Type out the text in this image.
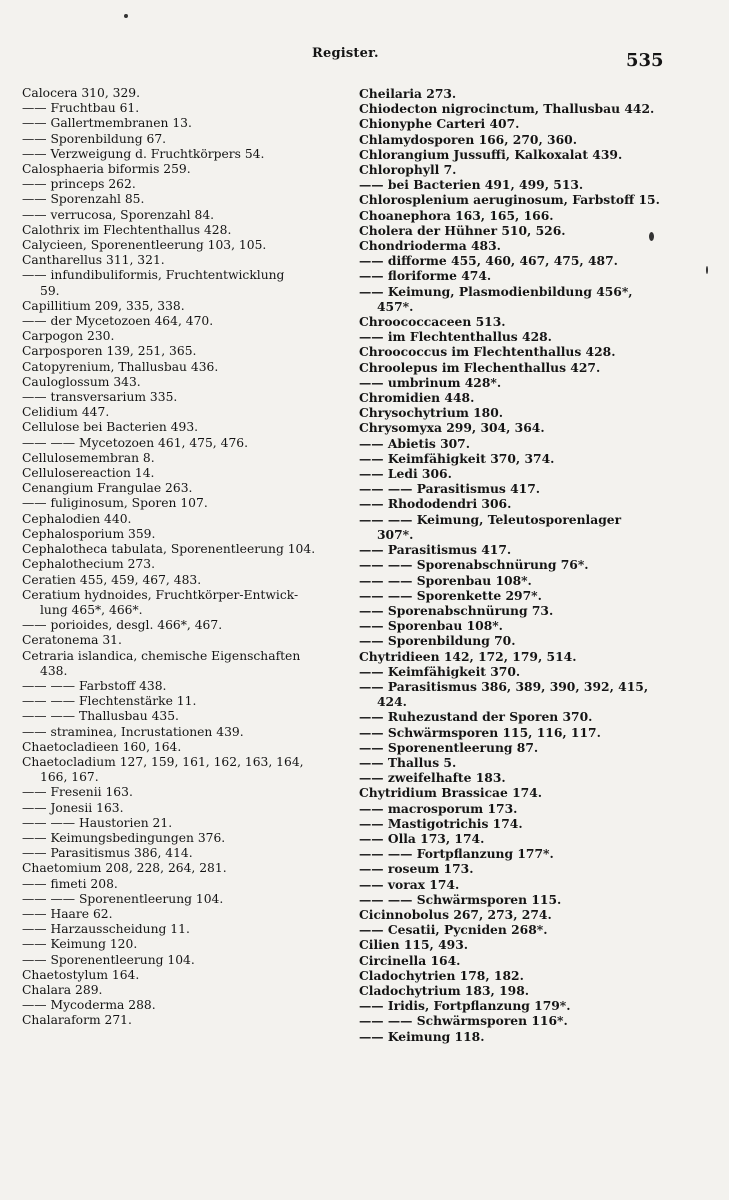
Register.	535
Calocera 310, 329.
—— Fruchtbau 61.
—— Gallertmembranen 13.
—— Sporenbildung 67.
—— Verzweigung d. Fruchtkörpers 54.
Calosphaeria biformis 259.
—— princeps 262.
—— Sporenzahl 85.
—— verrucosa, Sporenzahl 84.
Calothrix im Flechtenthallus 428.
Calycieen, Sporenentleerung 103, 105.
Cantharellus 311, 321.
—— infundibuliformis, Fruchtentwicklung
59.
Capillitium 209, 335, 338.
—— der Mycetozoen 464, 470.
Carpogon 230.
Carposporen 139, 251, 365.
Catopyrenium, Thallusbau 436.
Cauloglossum 343.
—— transversarium 335.
Celidium 447.
Cellulose bei Bacterien 493.
—— —— Mycetozoen 461, 475, 476.
Cellulosemembran 8.
Cellulosereaction 14.
Cenangium Frangulae 263.
—— fuliginosum, Sporen 107.
Cephalodien 440.
Cephalosporium 359.
Cephalotheca tabulata, Sporenentleerung 104.
Cephalothecium 273.
Ceratien 455, 459, 467, 483.
Ceratium hydnoides, Fruchtkörper-Entwick-
lung 465*, 466*.
—— porioides, desgl. 466*, 467.
Ceratonema 31.
Cetraria islandica, chemische Eigenschaften
438.
—— —— Farbstoff 438.
—— —— Flechtenstärke 11.
—— —— Thallusbau 435.
—— straminea, Incrustationen 439.
Chaetocladieen 160, 164.
Chaetocladium 127, 159, 161, 162, 163, 164,
166, 167.
—— Fresenii 163.
—— Jonesii 163.
—— —— Haustorien 21.
—— Keimungsbedingungen 376.
—— Parasitismus 386, 414.
Chaetomium 208, 228, 264, 281.
—— fimeti 208.
—— —— Sporenentleerung 104.
—— Haare 62.
—— Harzausscheidung 11.
—— Keimung 120.
—— Sporenentleerung 104.
Chaetostylum 164.
Chalara 289.
—— Mycoderma 288.
Chalaraform 271.
Cheilaria 273.
Chiodecton nigrocinctum, Thallusbau 442.
Chionyphe Carteri 407.
Chlamydosporen 166, 270, 360.
Chlorangium Jussuffi, Kalkoxalat 439.
Chlorophyll 7.
—— bei Bacterien 491, 499, 513.
Chlorosplenium aeruginosum, Farbstoff 15.
Choanephora 163, 165, 166.
Cholera der Hühner 510, 526.
Chondrioderma 483.
—— difforme 455, 460, 467, 475, 487.
—— floriforme 474.
—— Keimung, Plasmodienbildung 456*,
457*.
Chroococcaceen 513.
—— im Flechtenthallus 428.
Chroococcus im Flechtenthallus 428.
Chroolepus im Flechenthallus 427.
—— umbrinum 428*.
Chromidien 448.
Chrysochytrium 180.
Chrysomyxa 299, 304, 364.
—— Abietis 307.
—— Keimfähigkeit 370, 374.
—— Ledi 306.
—— —— Parasitismus 417.
—— Rhododendri 306.
—— —— Keimung, Teleutosporenlager
307*.
—— Parasitismus 417.
—— —— Sporenabschnürung 76*.
—— —— Sporenbau 108*.
—— —— Sporenkette 297*.
—— Sporenabschnürung 73.
—— Sporenbau 108*.
—— Sporenbildung 70.
Chytridieen 142, 172, 179, 514.
—— Keimfähigkeit 370.
—— Parasitismus 386, 389, 390, 392, 415,
424.
—— Ruhezustand der Sporen 370.
—— Schwärmsporen 115, 116, 117.
—— Sporenentleerung 87.
—— Thallus 5.
—— zweifelhafte 183.
Chytridium Brassicae 174.
—— macrosporum 173.
—— Mastigotrichis 174.
—— Olla 173, 174.
—— —— Fortpflanzung 177*.
—— roseum 173.
—— vorax 174.
—— —— Schwärmsporen 115.
Cicinnobolus 267, 273, 274.
—— Cesatii, Pycniden 268*.
Cilien 115, 493.
Circinella 164.
Cladochytrien 178, 182.
Cladochytrium 183, 198.
—— Iridis, Fortpflanzung 179*.
—— —— Schwärmsporen 116*.
—— Keimung 118.
